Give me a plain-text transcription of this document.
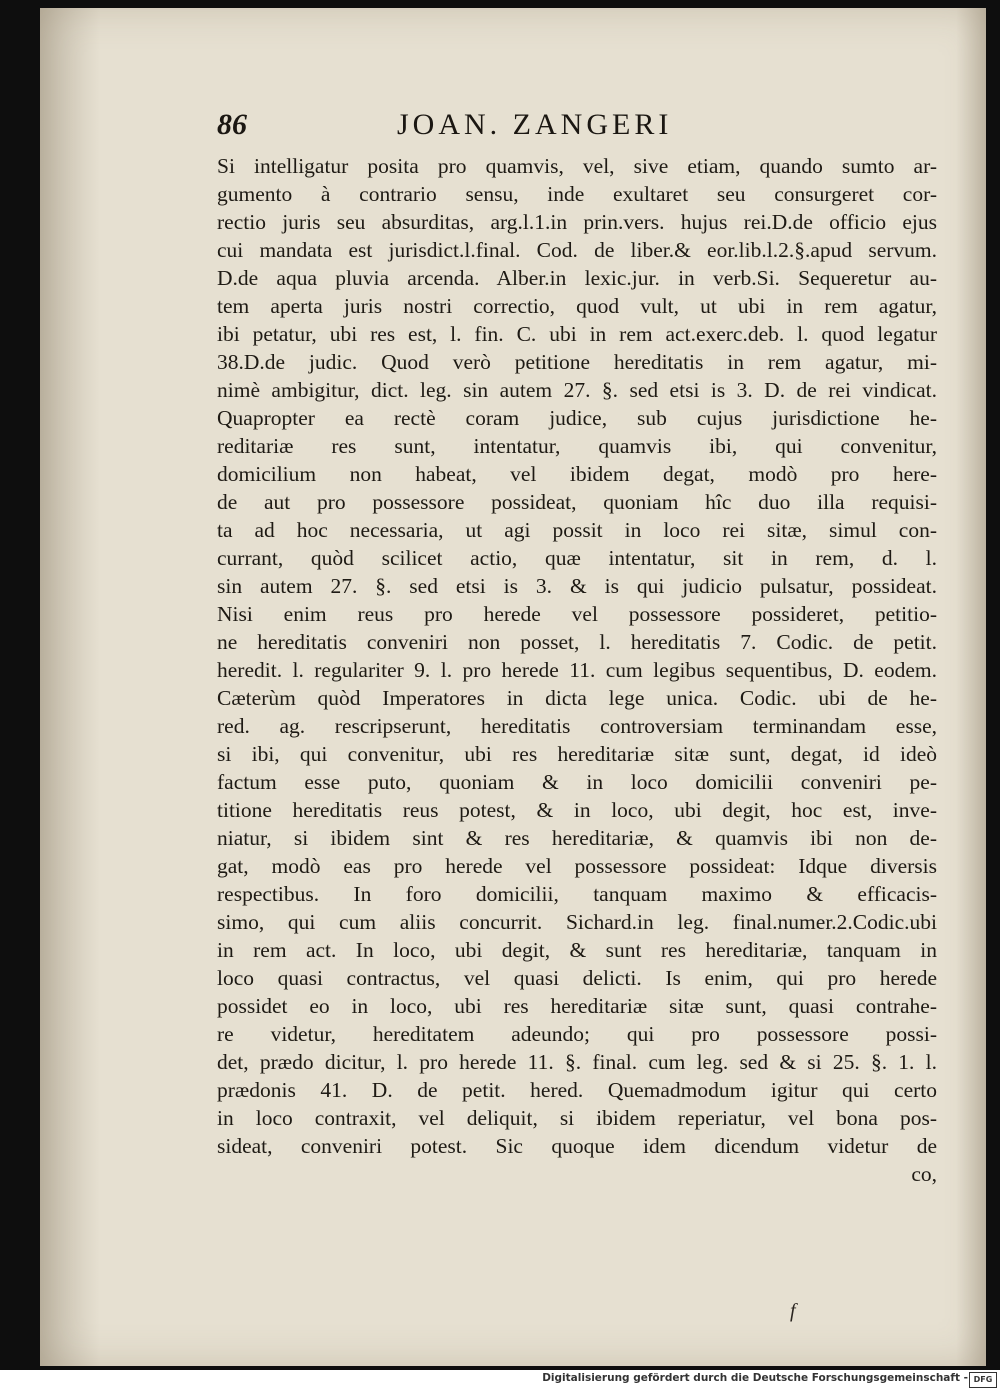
86	JOAN. ZANGERI
Si intelligatur posita pro quamvis, vel, sive etiam, quando sumto ar-
gumento à contrario sensu, inde exultaret seu consurgeret cor-
rectio juris seu absurditas, arg.l.1.in prin.vers. hujus rei.D.de officio ejus
cui mandata est jurisdict.l.final. Cod. de liber.& eor.lib.l.2.§.apud servum.
D.de aqua pluvia arcenda. Alber.in lexic.jur. in verb.Si. Sequeretur au-
tem aperta juris nostri correctio, quod vult, ut ubi in rem agatur,
ibi petatur, ubi res est, l. fin. C. ubi in rem act.exerc.deb. l. quod legatur
38.D.de judic. Quod verò petitione hereditatis in rem agatur, mi-
nimè ambigitur, dict. leg. sin autem 27. §. sed etsi is 3. D. de rei vindicat.
Quapropter ea rectè coram judice, sub cujus jurisdictione he-
reditariæ res sunt, intentatur, quamvis ibi, qui convenitur,
domicilium non habeat, vel ibidem degat, modò pro here-
de aut pro possessore possideat, quoniam hîc duo illa requisi-
ta ad hoc necessaria, ut agi possit in loco rei sitæ, simul con-
currant, quòd scilicet actio, quæ intentatur, sit in rem, d. l.
sin autem 27. §. sed etsi is 3. & is qui judicio pulsatur, possideat.
Nisi enim reus pro herede vel possessore possideret, petitio-
ne hereditatis conveniri non posset, l. hereditatis 7. Codic. de petit.
heredit. l. regulariter 9. l. pro herede 11. cum legibus sequentibus, D. eodem.
Cæterùm quòd Imperatores in dicta lege unica. Codic. ubi de he-
red. ag. rescripserunt, hereditatis controversiam terminandam esse,
si ibi, qui convenitur, ubi res hereditariæ sitæ sunt, degat, id ideò
factum esse puto, quoniam & in loco domicilii conveniri pe-
titione hereditatis reus potest, & in loco, ubi degit, hoc est, inve-
niatur, si ibidem sint & res hereditariæ, & quamvis ibi non de-
gat, modò eas pro herede vel possessore possideat: Idque diversis
respectibus. In foro domicilii, tanquam maximo & efficacis-
simo, qui cum aliis concurrit. Sichard.in leg. final.numer.2.Codic.ubi
in rem act. In loco, ubi degit, & sunt res hereditariæ, tanquam in
loco quasi contractus, vel quasi delicti. Is enim, qui pro herede
possidet eo in loco, ubi res hereditariæ sitæ sunt, quasi contrahe-
re videtur, hereditatem adeundo; qui pro possessore possi-
det, prædo dicitur, l. pro herede 11. §. final. cum leg. sed & si 25. §. 1. l.
prædonis 41. D. de petit. hered. Quemadmodum igitur qui certo
in loco contraxit, vel deliquit, si ibidem reperiatur, vel bona pos-
sideat, conveniri potest. Sic quoque idem dicendum videtur de
co,
f
Digitalisierung gefördert durch die Deutsche Forschungsgemeinschaft - DFG
